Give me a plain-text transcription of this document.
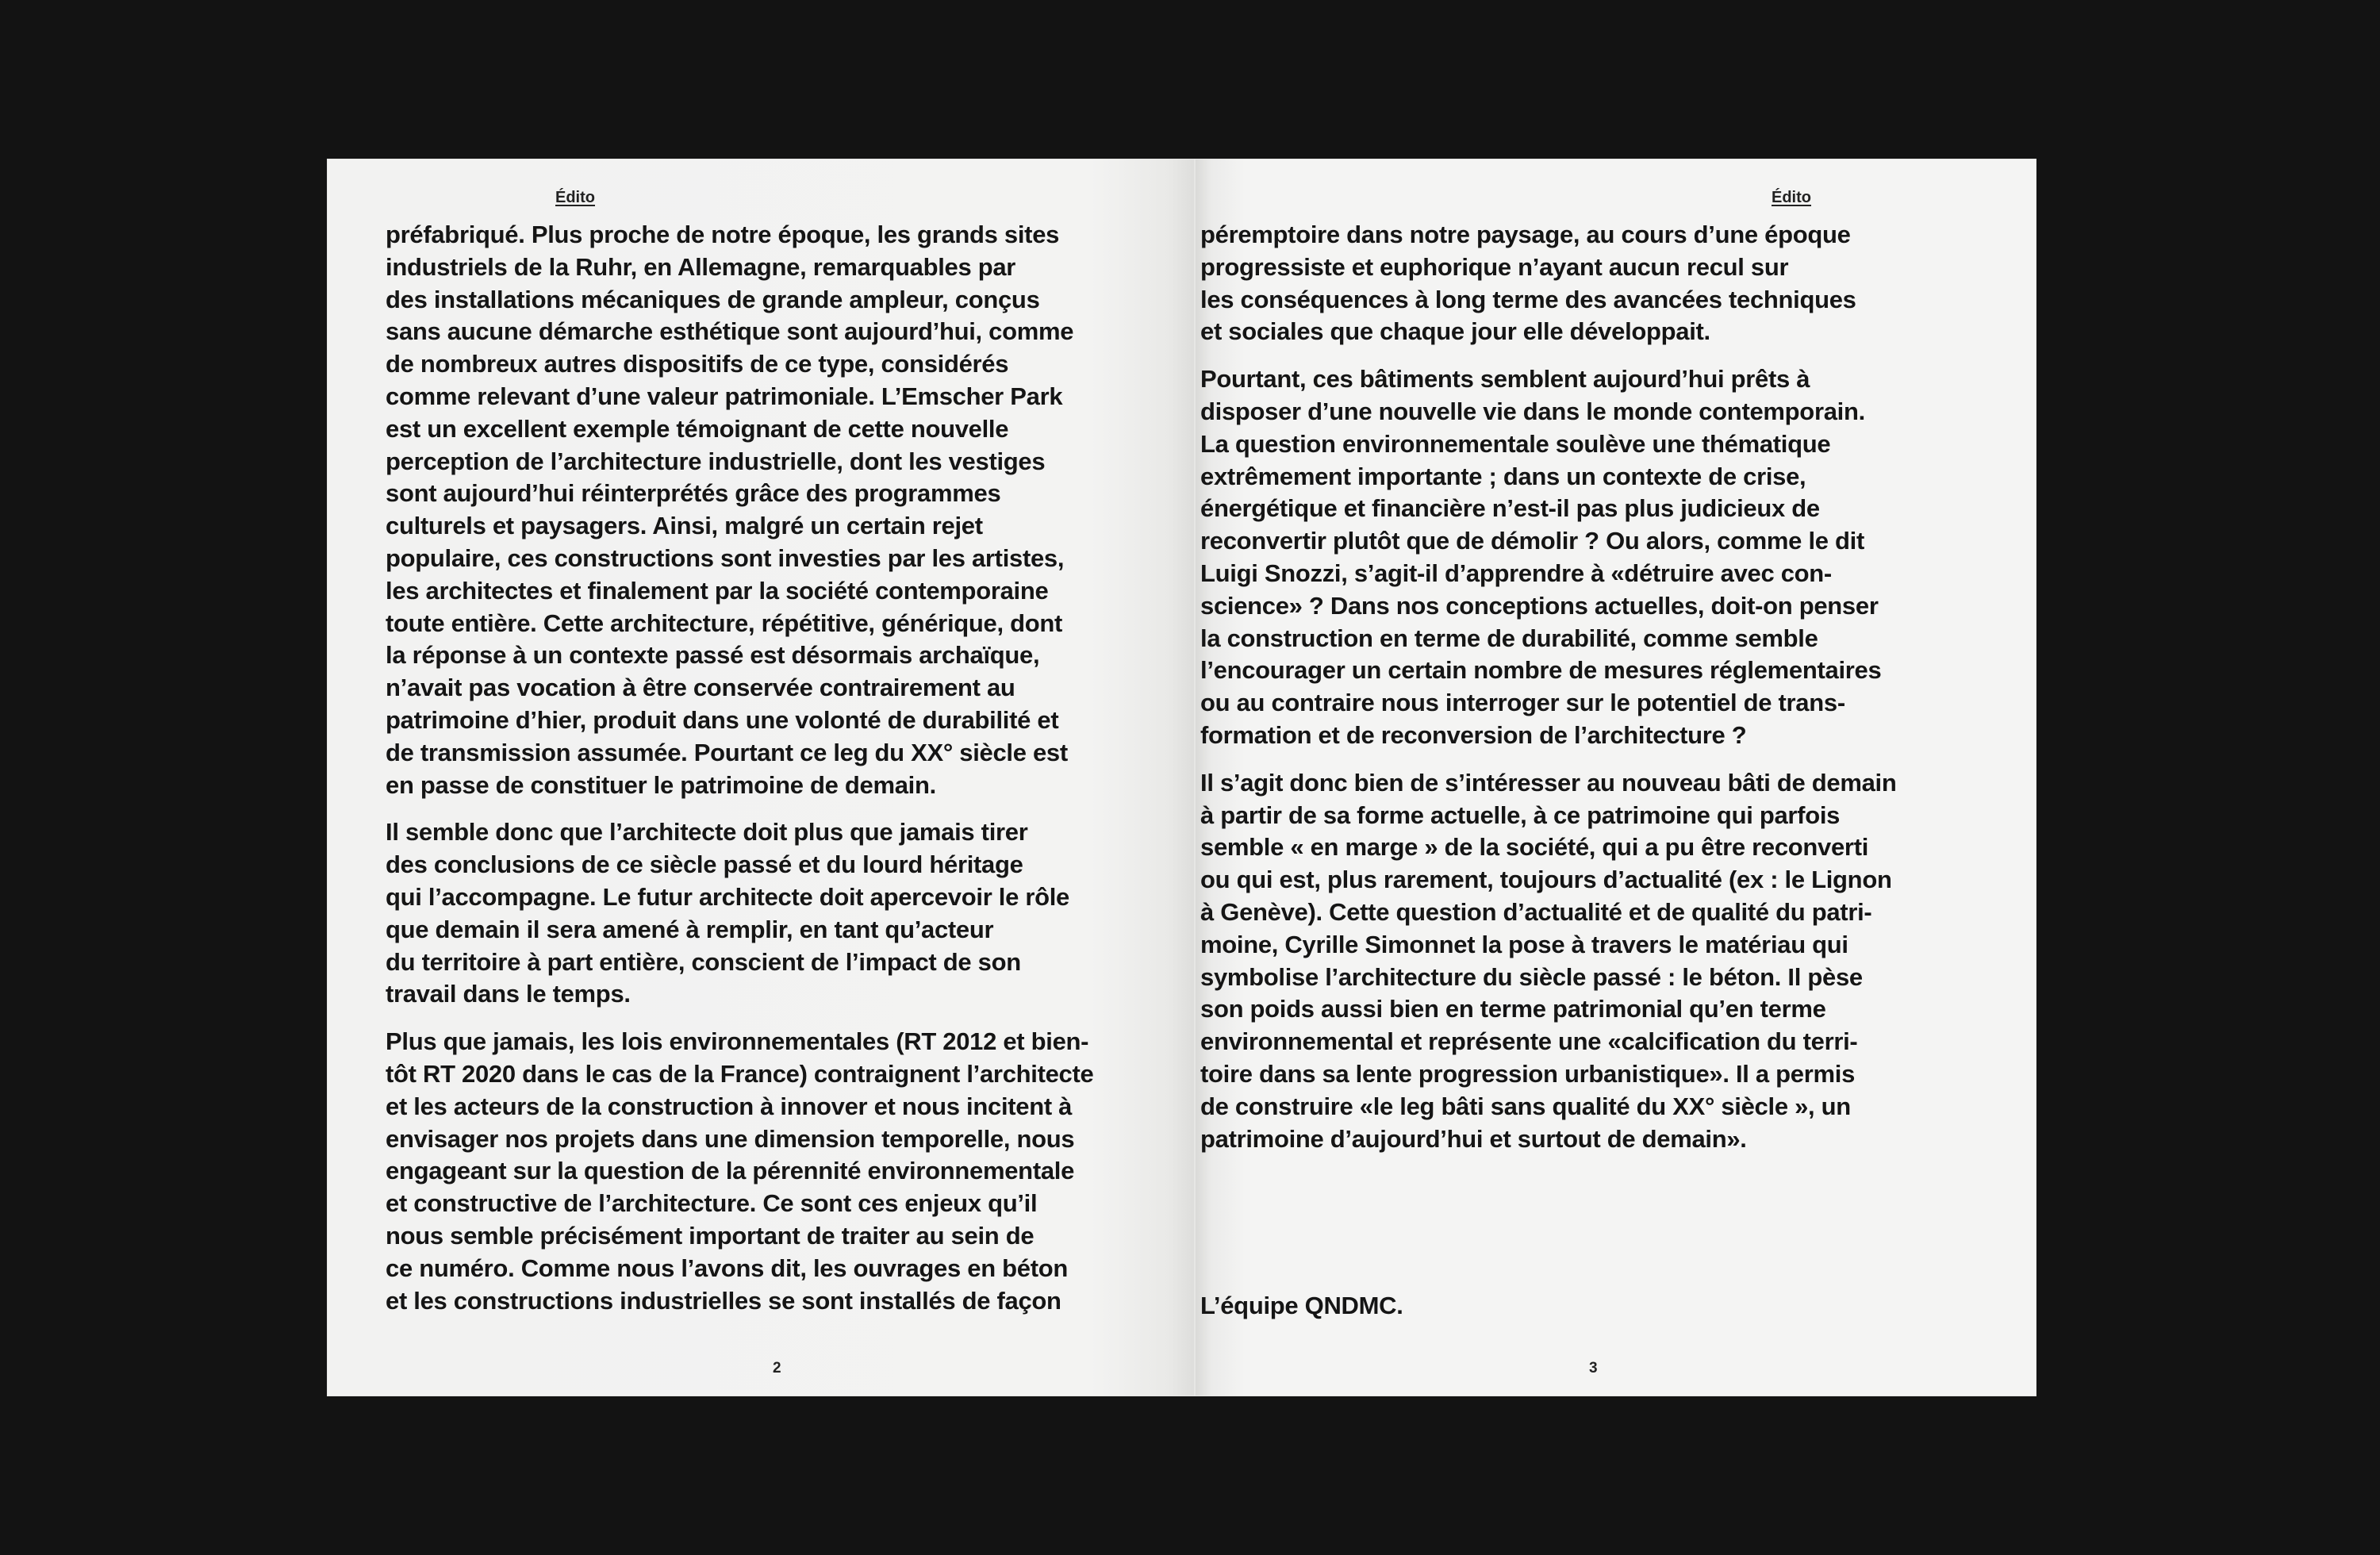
Édito
préfabriqué. Plus proche de notre époque, les grands sites
industriels de la Ruhr, en Allemagne, remarquables par
des installations mécaniques de grande ampleur, conçus
sans aucune démarche esthétique sont aujourd’hui, comme
de nombreux autres dispositifs de ce type, considérés
comme relevant d’une valeur patrimoniale. L’Emscher Park
est un excellent exemple témoignant de cette nouvelle
perception de l’architecture industrielle, dont les vestiges
sont aujourd’hui réinterprétés grâce des programmes
culturels et paysagers. Ainsi, malgré un certain rejet
populaire, ces constructions sont investies par les artistes,
les architectes et finalement par la société contemporaine
toute entière. Cette architecture, répétitive, générique, dont
la réponse à un contexte passé est désormais archaïque,
n’avait pas vocation à être conservée contrairement au
patrimoine d’hier, produit dans une volonté de durabilité et
de transmission assumée. Pourtant ce leg du XX° siècle est
en passe de constituer le patrimoine de demain.
Il semble donc que l’architecte doit plus que jamais tirer
des conclusions de ce siècle passé et du lourd héritage
qui l’accompagne. Le futur architecte doit apercevoir le rôle
que demain il sera amené à remplir, en tant qu’acteur
du territoire à part entière, conscient de l’impact de son
travail dans le temps.
Plus que jamais, les lois environnementales (RT 2012 et bien-
tôt RT 2020 dans le cas de la France) contraignent l’architecte
et les acteurs de la construction à innover et nous incitent à
envisager nos projets dans une dimension temporelle, nous
engageant sur la question de la pérennité environnementale
et constructive de l’architecture. Ce sont ces enjeux qu’il
nous semble précisément important de traiter au sein de
ce numéro. Comme nous l’avons dit, les ouvrages en béton
et les constructions industrielles se sont installés de façon
2
Édito
péremptoire dans notre paysage, au cours d’une époque
progressiste et euphorique n’ayant aucun recul sur
les conséquences à long terme des avancées techniques
et sociales que chaque jour elle développait.
Pourtant, ces bâtiments semblent aujourd’hui prêts à
disposer d’une nouvelle vie dans le monde contemporain.
La question environnementale soulève une thématique
extrêmement importante ; dans un contexte de crise,
énergétique et financière n’est-il pas plus judicieux de
reconvertir plutôt que de démolir ? Ou alors, comme le dit
Luigi Snozzi, s’agit-il d’apprendre à «détruire avec con-
science» ? Dans nos conceptions actuelles, doit-on penser
la construction en terme de durabilité, comme semble
l’encourager un certain nombre de mesures réglementaires
ou au contraire nous interroger sur le potentiel de trans-
formation et de reconversion de l’architecture ?
Il s’agit donc bien de s’intéresser au nouveau bâti de demain
à partir de sa forme actuelle, à ce patrimoine qui parfois
semble « en marge » de la société, qui a pu être reconverti
ou qui est, plus rarement, toujours d’actualité (ex : le Lignon
à Genève). Cette question d’actualité et de qualité du patri-
moine, Cyrille Simonnet la pose à travers le matériau qui
symbolise l’architecture du siècle passé : le béton. Il pèse
son poids aussi bien en terme patrimonial qu’en terme
environnemental et représente une «calcification du terri-
toire dans sa lente progression urbanistique». Il a permis
de construire «le leg bâti sans qualité du XX° siècle », un
patrimoine d’aujourd’hui et surtout de demain».
L’équipe QNDMC.
3
